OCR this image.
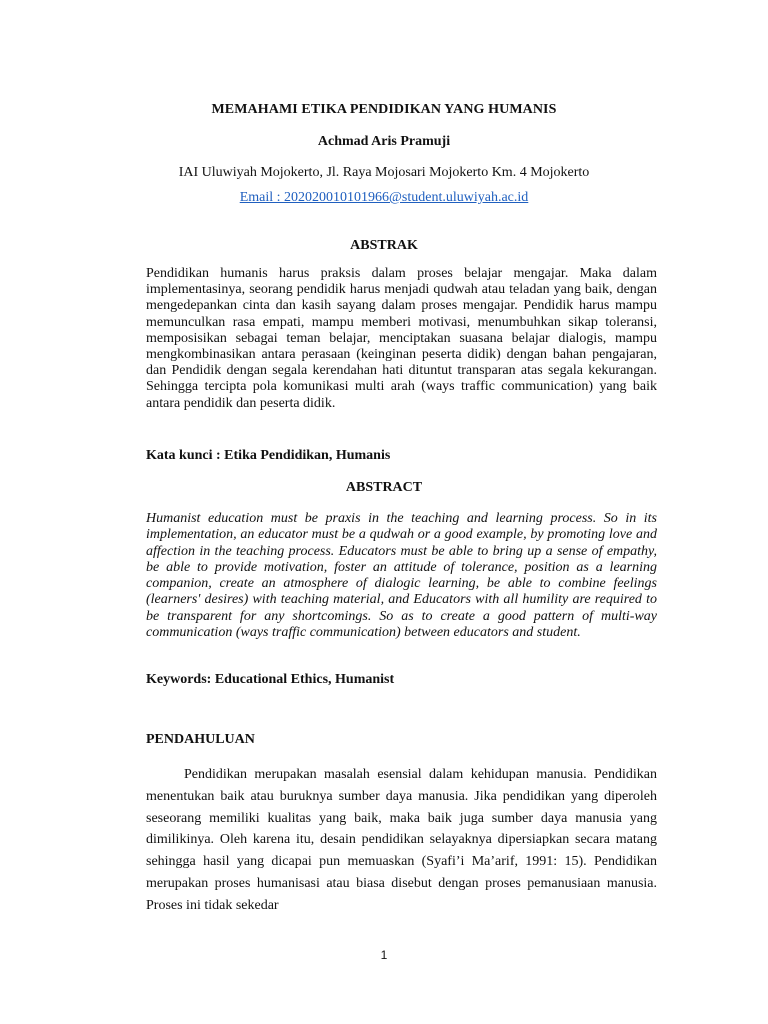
MEMAHAMI ETIKA PENDIDIKAN YANG HUMANIS
Achmad Aris Pramuji
IAI Uluwiyah Mojokerto, Jl. Raya Mojosari Mojokerto Km. 4 Mojokerto
Email : 202020010101966@student.uluwiyah.ac.id
ABSTRAK

Pendidikan humanis harus praksis dalam proses belajar mengajar. Maka dalam implementasinya, seorang pendidik harus menjadi qudwah atau teladan yang baik, dengan mengedepankan cinta dan kasih sayang dalam proses mengajar. Pendidik harus mampu memunculkan rasa empati, mampu memberi motivasi, menumbuhkan sikap toleransi, memposisikan sebagai teman belajar, menciptakan suasana belajar dialogis, mampu mengkombinasikan antara perasaan (keinginan peserta didik) dengan bahan pengajaran, dan Pendidik dengan segala kerendahan hati dituntut transparan atas segala kekurangan. Sehingga tercipta pola komunikasi multi arah (ways traffic communication) yang baik antara pendidik dan peserta didik.

Kata kunci : Etika Pendidikan, Humanis
ABSTRACT

Humanist education must be praxis in the teaching and learning process. So in its implementation, an educator must be a qudwah or a good example, by promoting love and affection in the teaching process. Educators must be able to bring up a sense of empathy, be able to provide motivation, foster an attitude of tolerance, position as a learning companion, create an atmosphere of dialogic learning, be able to combine feelings (learners' desires) with teaching material, and Educators with all humility are required to be transparent for any shortcomings. So as to create a good pattern of multi-way communication (ways traffic communication) between educators and student.

Keywords: Educational Ethics, Humanist
PENDAHULUAN

Pendidikan merupakan masalah esensial dalam kehidupan manusia. Pendidikan menentukan baik atau buruknya sumber daya manusia. Jika pendidikan yang diperoleh seseorang memiliki kualitas yang baik, maka baik juga sumber daya manusia yang dimilikinya. Oleh karena itu, desain pendidikan selayaknya dipersiapkan secara matang sehingga hasil yang dicapai pun memuaskan (Syafi’i Ma’arif, 1991: 15). Pendidikan merupakan proses humanisasi atau biasa disebut dengan proses pemanusiaan manusia. Proses ini tidak sekedar

1
